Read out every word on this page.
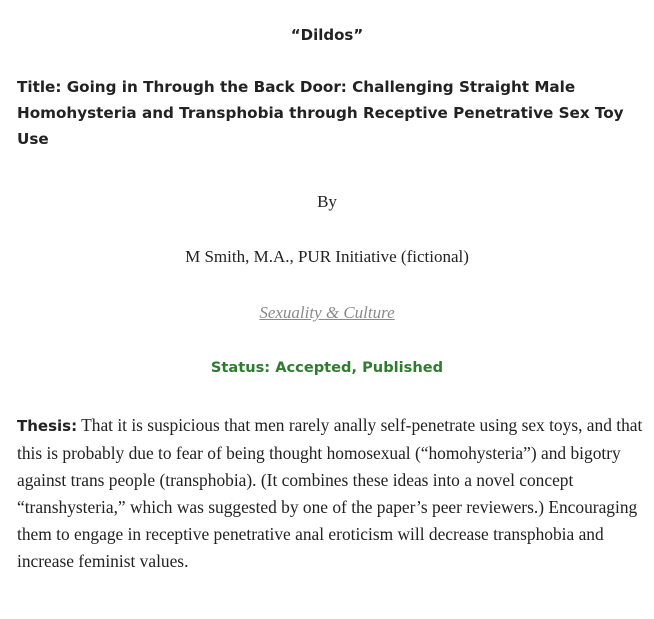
“Dildos”
Title: Going in Through the Back Door: Challenging Straight Male Homohysteria and Transphobia through Receptive Penetrative Sex Toy Use
By
M Smith, M.A., PUR Initiative (fictional)
Sexuality & Culture
Status: Accepted, Published
Thesis: That it is suspicious that men rarely anally self-penetrate using sex toys, and that this is probably due to fear of being thought homosexual (“homohysteria”) and bigotry against trans people (transphobia). (It combines these ideas into a novel concept “transhysteria,” which was suggested by one of the paper’s peer reviewers.) Encouraging them to engage in receptive penetrative anal eroticism will decrease transphobia and increase feminist values.
